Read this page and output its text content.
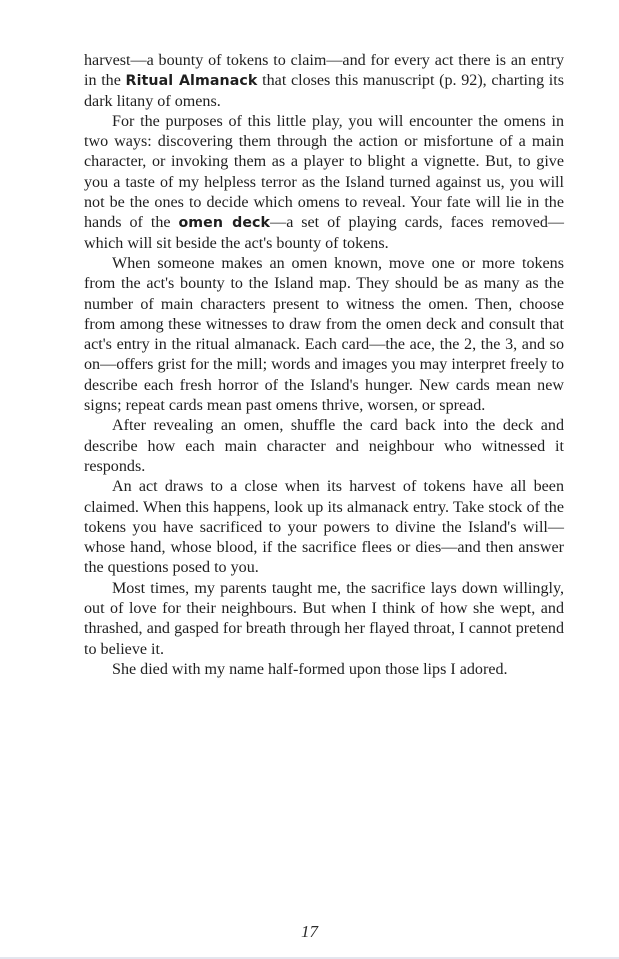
harvest—a bounty of tokens to claim—and for every act there is an entry in the Ritual Almanack that closes this manuscript (p. 92), charting its dark litany of omens.

For the purposes of this little play, you will encounter the omens in two ways: discovering them through the action or misfortune of a main character, or invoking them as a player to blight a vignette. But, to give you a taste of my helpless terror as the Island turned against us, you will not be the ones to decide which omens to reveal. Your fate will lie in the hands of the omen deck—a set of playing cards, faces removed—which will sit beside the act's bounty of tokens.

When someone makes an omen known, move one or more tokens from the act's bounty to the Island map. They should be as many as the number of main characters present to witness the omen. Then, choose from among these witnesses to draw from the omen deck and consult that act's entry in the ritual almanack. Each card—the ace, the 2, the 3, and so on—offers grist for the mill; words and images you may interpret freely to describe each fresh horror of the Island's hunger. New cards mean new signs; repeat cards mean past omens thrive, worsen, or spread.

After revealing an omen, shuffle the card back into the deck and describe how each main character and neighbour who witnessed it responds.

An act draws to a close when its harvest of tokens have all been claimed. When this happens, look up its almanack entry. Take stock of the tokens you have sacrificed to your powers to divine the Island's will—whose hand, whose blood, if the sacrifice flees or dies—and then answer the questions posed to you.

Most times, my parents taught me, the sacrifice lays down willingly, out of love for their neighbours. But when I think of how she wept, and thrashed, and gasped for breath through her flayed throat, I cannot pretend to believe it.

She died with my name half-formed upon those lips I adored.

17
